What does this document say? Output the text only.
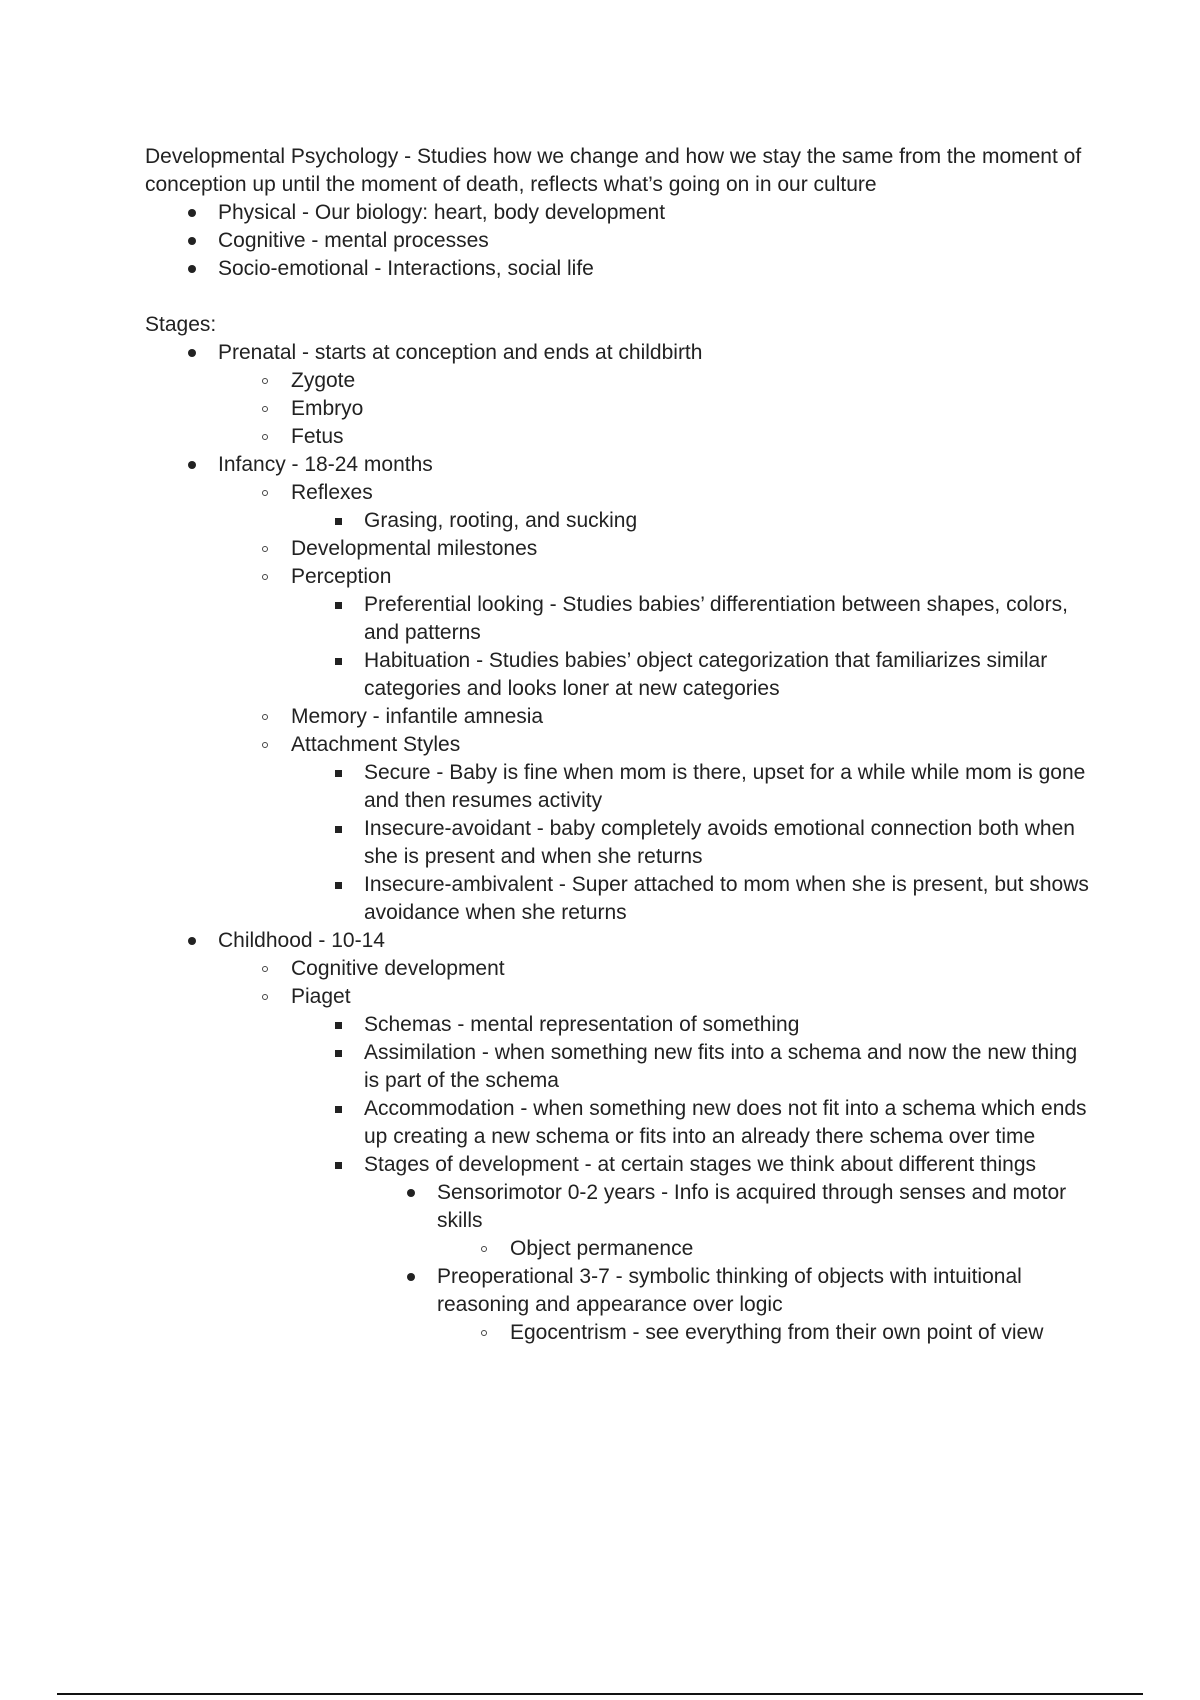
Developmental Psychology - Studies how we change and how we stay the same from the moment of conception up until the moment of death, reflects what’s going on in our culture

Physical - Our biology: heart, body development
Cognitive - mental processes
Socio-emotional - Interactions, social life

Stages:

Prenatal - starts at conception and ends at childbirth
Zygote
Embryo
Fetus
Infancy - 18-24 months
Reflexes
Grasing, rooting, and sucking
Developmental milestones
Perception
Preferential looking - Studies babies’ differentiation between shapes, colors, and patterns
Habituation - Studies babies’ object categorization that familiarizes similar categories and looks loner at new categories
Memory - infantile amnesia
Attachment Styles
Secure - Baby is fine when mom is there, upset for a while while mom is gone and then resumes activity
Insecure-avoidant - baby completely avoids emotional connection both when she is present and when she returns
Insecure-ambivalent - Super attached to mom when she is present, but shows avoidance when she returns
Childhood - 10-14
Cognitive development
Piaget
Schemas - mental representation of something
Assimilation - when something new fits into a schema and now the new thing is part of the schema
Accommodation - when something new does not fit into a schema which ends up creating a new schema or fits into an already there schema over time
Stages of development - at certain stages we think about different things
Sensorimotor 0-2 years - Info is acquired through senses and motor skills
Object permanence
Preoperational 3-7 - symbolic thinking of objects with intuitional reasoning and appearance over logic
Egocentrism - see everything from their own point of view
